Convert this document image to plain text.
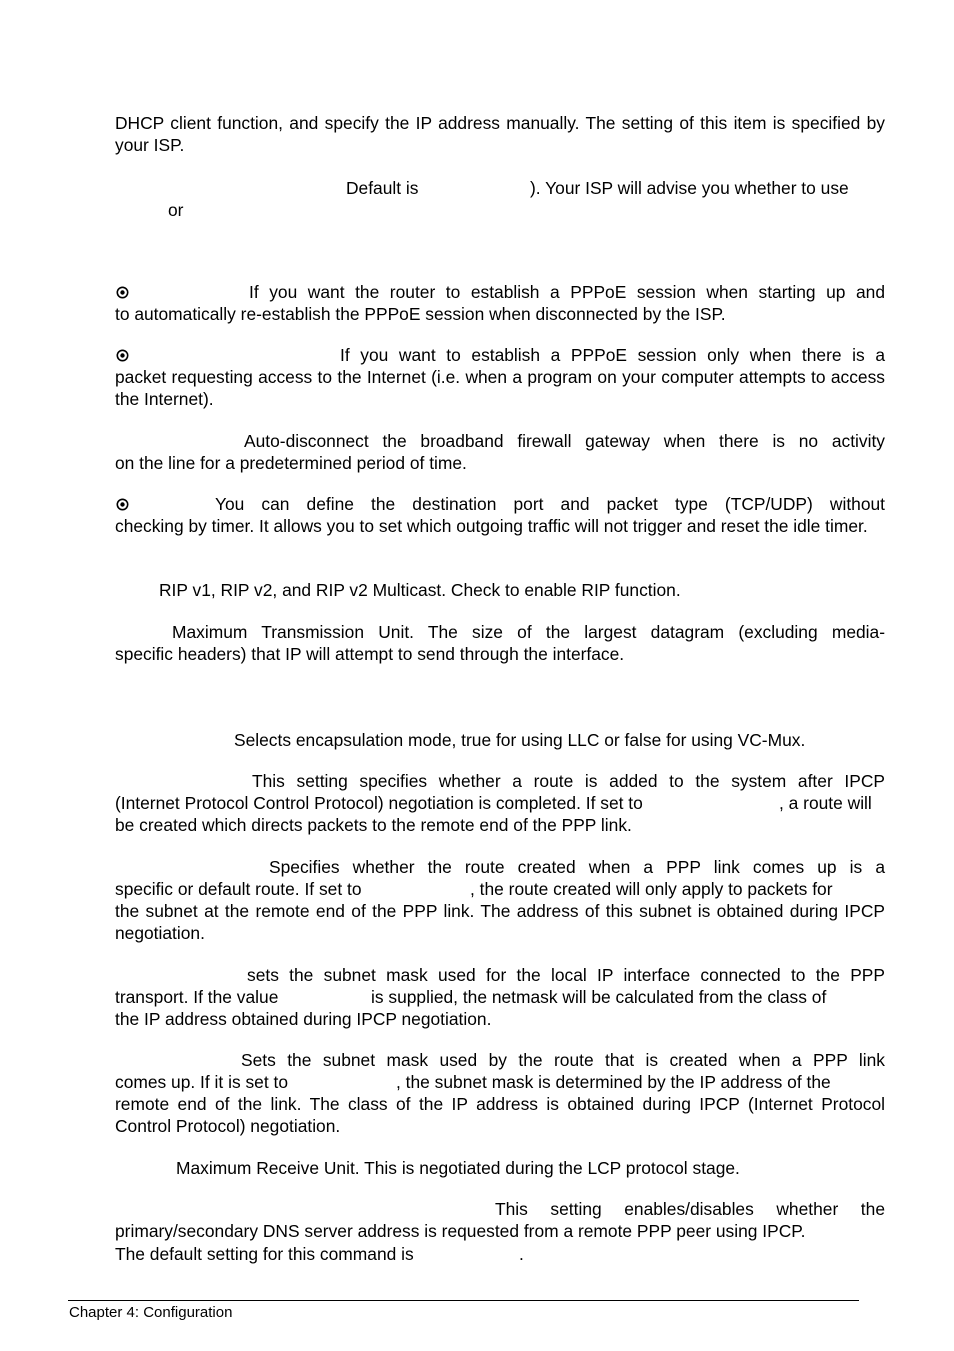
DHCP client function, and specify the IP address manually. The setting of this item is specified by your ISP.
Default is	). Your ISP will advise you whether to use
or
If you want the router to establish a PPPoE session when starting up and
to automatically re-establish the PPPoE session when disconnected by the ISP.
If you want to establish a PPPoE session only when there is a
packet requesting access to the Internet (i.e. when a program on your computer attempts to access the Internet).
Auto-disconnect the broadband firewall gateway when there is no activity
on the line for a predetermined period of time.
You can define the destination port and packet type (TCP/UDP) without
checking by timer. It allows you to set which outgoing traffic will not trigger and reset the idle timer.
RIP v1, RIP v2, and RIP v2 Multicast. Check to enable RIP function.
Maximum Transmission Unit. The size of the largest datagram (excluding media-
specific headers) that IP will attempt to send through the interface.
Selects encapsulation mode, true for using LLC or false for using VC-Mux.
This setting specifies whether a route is added to the system after IPCP
(Internet Protocol Control Protocol) negotiation is completed. If set to	, a route will
be created which directs packets to the remote end of the PPP link.
Specifies whether the route created when a PPP link comes up is a
specific or default route. If set to	, the route created will only apply to packets for
the subnet at the remote end of the PPP link. The address of this subnet is obtained during IPCP negotiation.
sets the subnet mask used for the local IP interface connected to the PPP
transport. If the value	is supplied, the netmask will be calculated from the class of
the IP address obtained during IPCP negotiation.
Sets the subnet mask used by the route that is created when a PPP link
comes up. If it is set to	, the subnet mask is determined by the IP address of the
remote end of the link. The class of the IP address is obtained during IPCP (Internet Protocol Control Protocol) negotiation.
Maximum Receive Unit. This is negotiated during the LCP protocol stage.
This setting enables/disables whether the
primary/secondary DNS server address is requested from a remote PPP peer using IPCP.
The default setting for this command is	.
Chapter 4: Configuration
